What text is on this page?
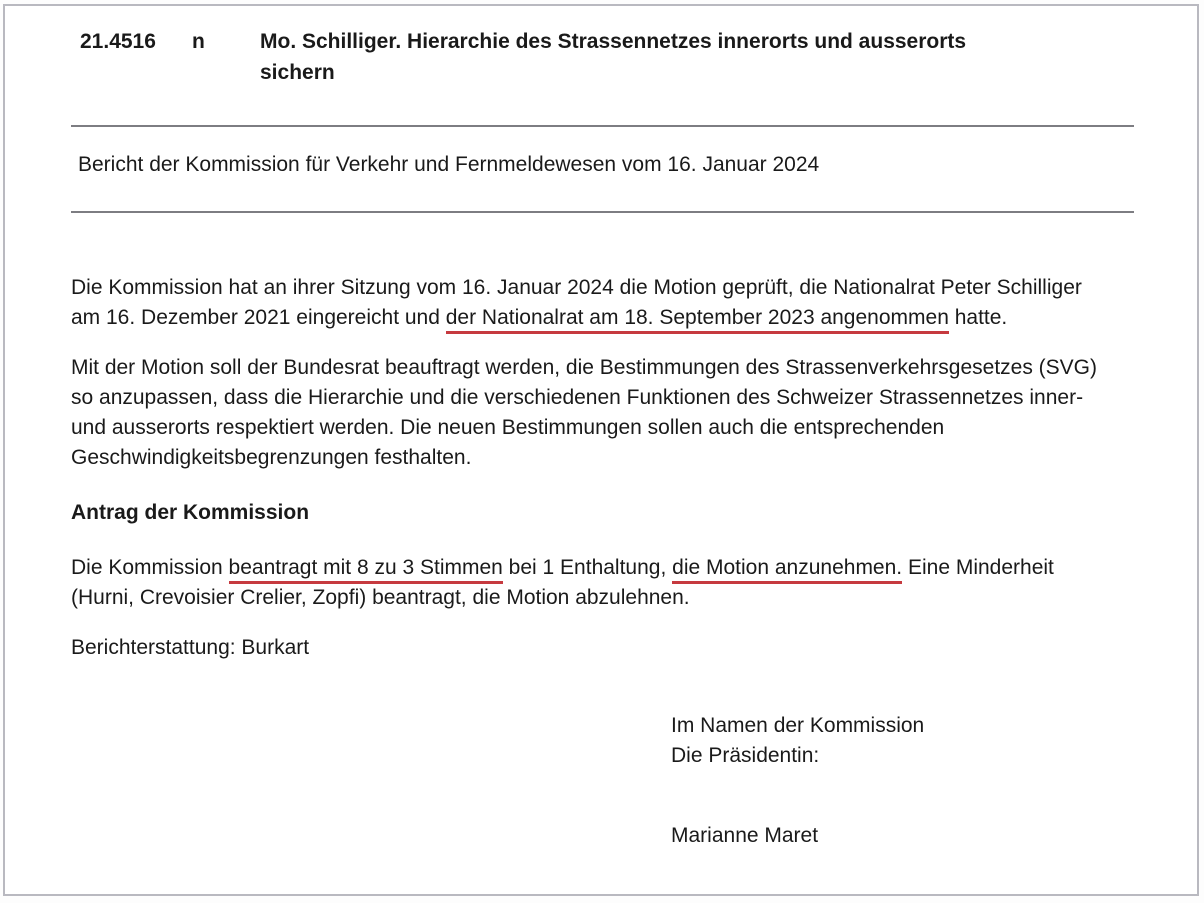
21.4516	n	Mo. Schilliger. Hierarchie des Strassennetzes innerorts und ausserorts sichern
Bericht der Kommission für Verkehr und Fernmeldewesen vom 16. Januar 2024

Die Kommission hat an ihrer Sitzung vom 16. Januar 2024 die Motion geprüft, die Nationalrat Peter Schilliger am 16. Dezember 2021 eingereicht und der Nationalrat am 18. September 2023 angenommen hatte.

Mit der Motion soll der Bundesrat beauftragt werden, die Bestimmungen des Strassenverkehrsgesetzes (SVG) so anzupassen, dass die Hierarchie und die verschiedenen Funktionen des Schweizer Strassennetzes inner- und ausserorts respektiert werden. Die neuen Bestimmungen sollen auch die entsprechenden Geschwindigkeitsbegrenzungen festhalten.

Antrag der Kommission

Die Kommission beantragt mit 8 zu 3 Stimmen bei 1 Enthaltung, die Motion anzunehmen. Eine Minderheit (Hurni, Crevoisier Crelier, Zopfi) beantragt, die Motion abzulehnen.

Berichterstattung: Burkart
Im Namen der Kommission
Die Präsidentin:
Marianne Maret
